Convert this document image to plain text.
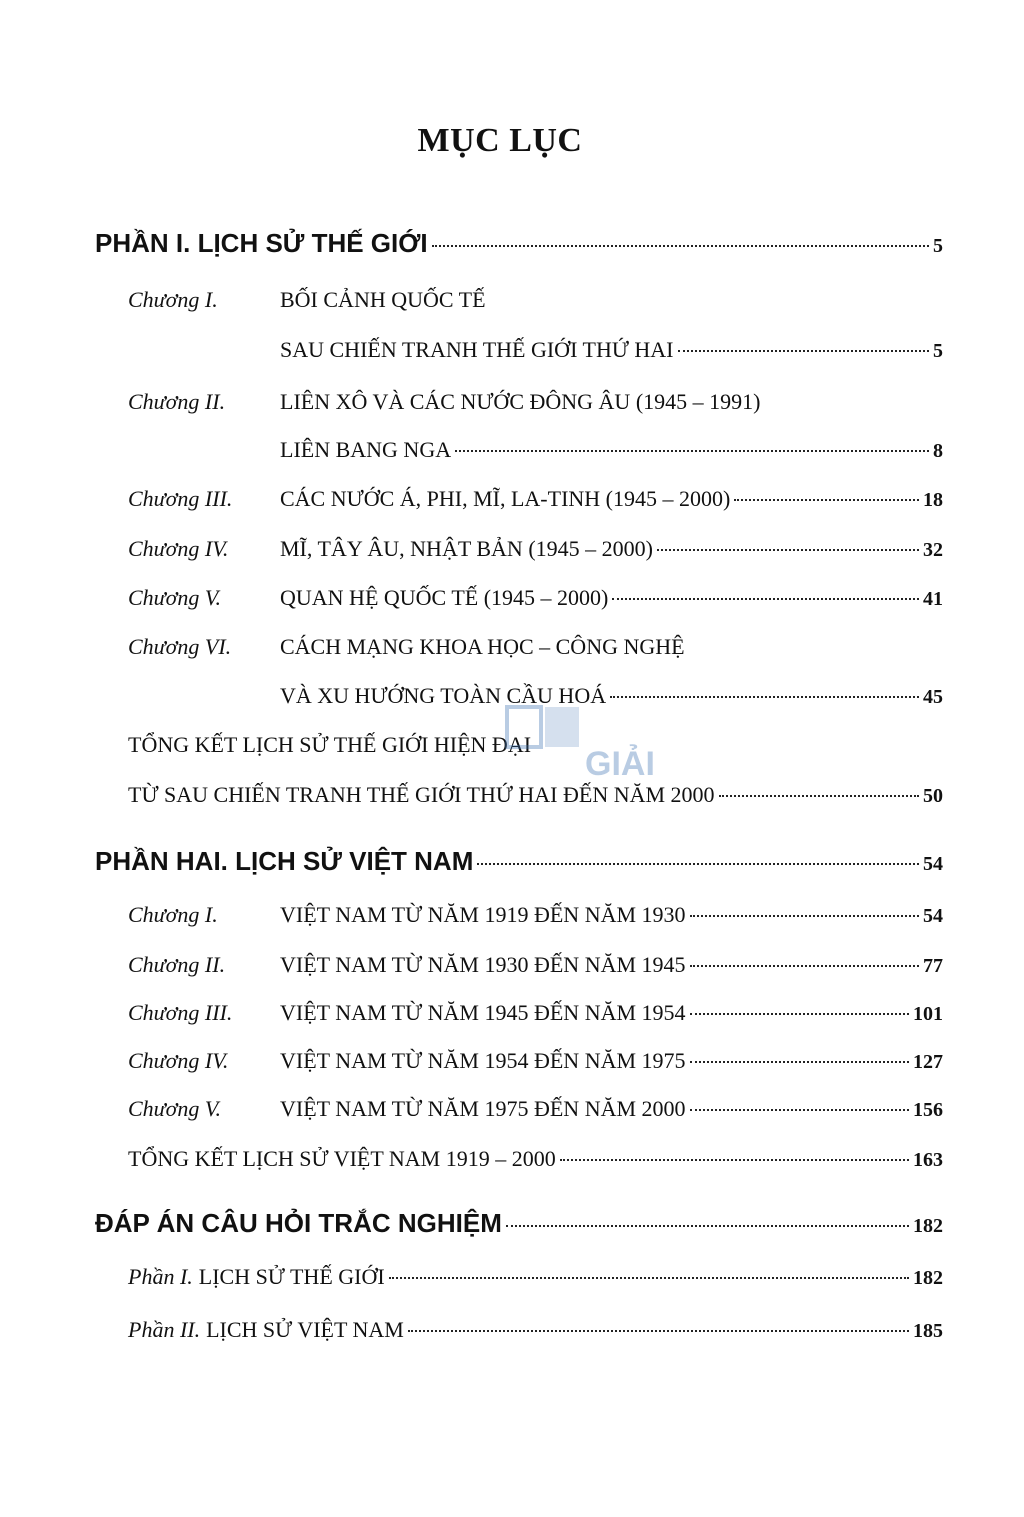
MỤC LỤC
PHẦN I. LỊCH SỬ THẾ GIỚI	5
Chương I.	BỐI CẢNH QUỐC TẾ
SAU CHIẾN TRANH THẾ GIỚI THỨ HAI	5
Chương II.	LIÊN XÔ VÀ CÁC NƯỚC ĐÔNG ÂU (1945 – 1991)
LIÊN BANG NGA	8
Chương III.	CÁC NƯỚC Á, PHI, MĨ, LA-TINH (1945 – 2000)	18
Chương IV.	MĨ, TÂY ÂU, NHẬT BẢN (1945 – 2000)	32
Chương V.	QUAN HỆ QUỐC TẾ (1945 – 2000)	41
Chương VI.	CÁCH MẠNG KHOA HỌC – CÔNG NGHỆ
VÀ XU HƯỚNG TOÀN CẦU HOÁ	45
TỔNG KẾT LỊCH SỬ THẾ GIỚI HIỆN ĐẠI
TỪ SAU CHIẾN TRANH THẾ GIỚI THỨ HAI ĐẾN NĂM 2000	50
GIẢI
PHẦN HAI. LỊCH SỬ VIỆT NAM	54
Chương I.	VIỆT NAM TỪ NĂM 1919 ĐẾN NĂM 1930	54
Chương II.	VIỆT NAM TỪ NĂM 1930 ĐẾN NĂM 1945	77
Chương III.	VIỆT NAM TỪ NĂM 1945 ĐẾN NĂM 1954	101
Chương IV.	VIỆT NAM TỪ NĂM 1954 ĐẾN NĂM 1975	127
Chương V.	VIỆT NAM TỪ NĂM 1975 ĐẾN NĂM 2000	156
TỔNG KẾT LỊCH SỬ VIỆT NAM 1919 – 2000	163
ĐÁP ÁN CÂU HỎI TRẮC NGHIỆM	182
Phần I. LỊCH SỬ THẾ GIỚI	182
Phần II. LỊCH SỬ VIỆT NAM	185
